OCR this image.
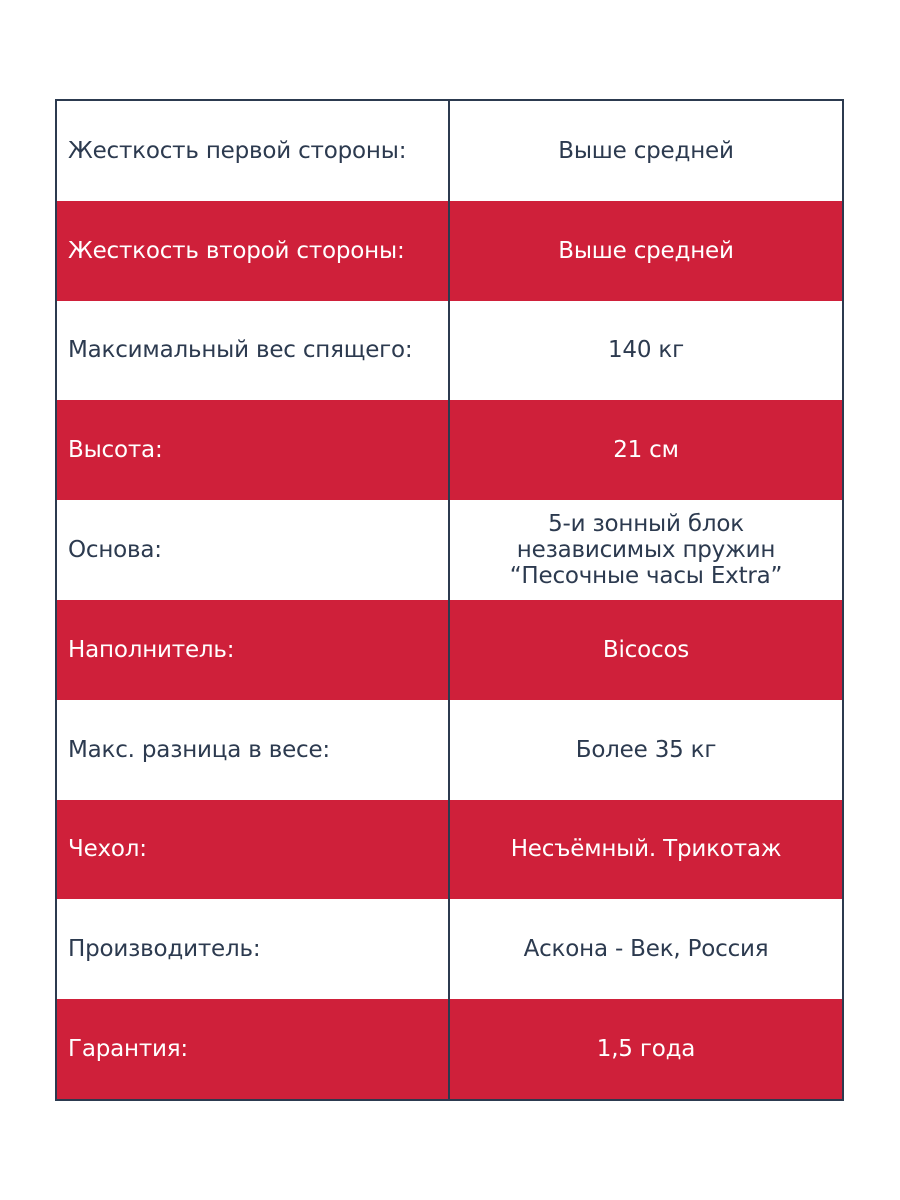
Жесткость первой стороны:	Выше средней
Жесткость второй стороны:	Выше средней
Максимальный вес спящего:	140 кг
Высота:	21 см
Основа:
5-и зонный блок
независимых пружин
“Песочные часы Extra”
Наполнитель:	Bicocos
Макс. разница в весе:	Более 35 кг
Чехол:	Несъёмный. Трикотаж
Производитель:	Аскона - Век, Россия
Гарантия:	1,5 года
